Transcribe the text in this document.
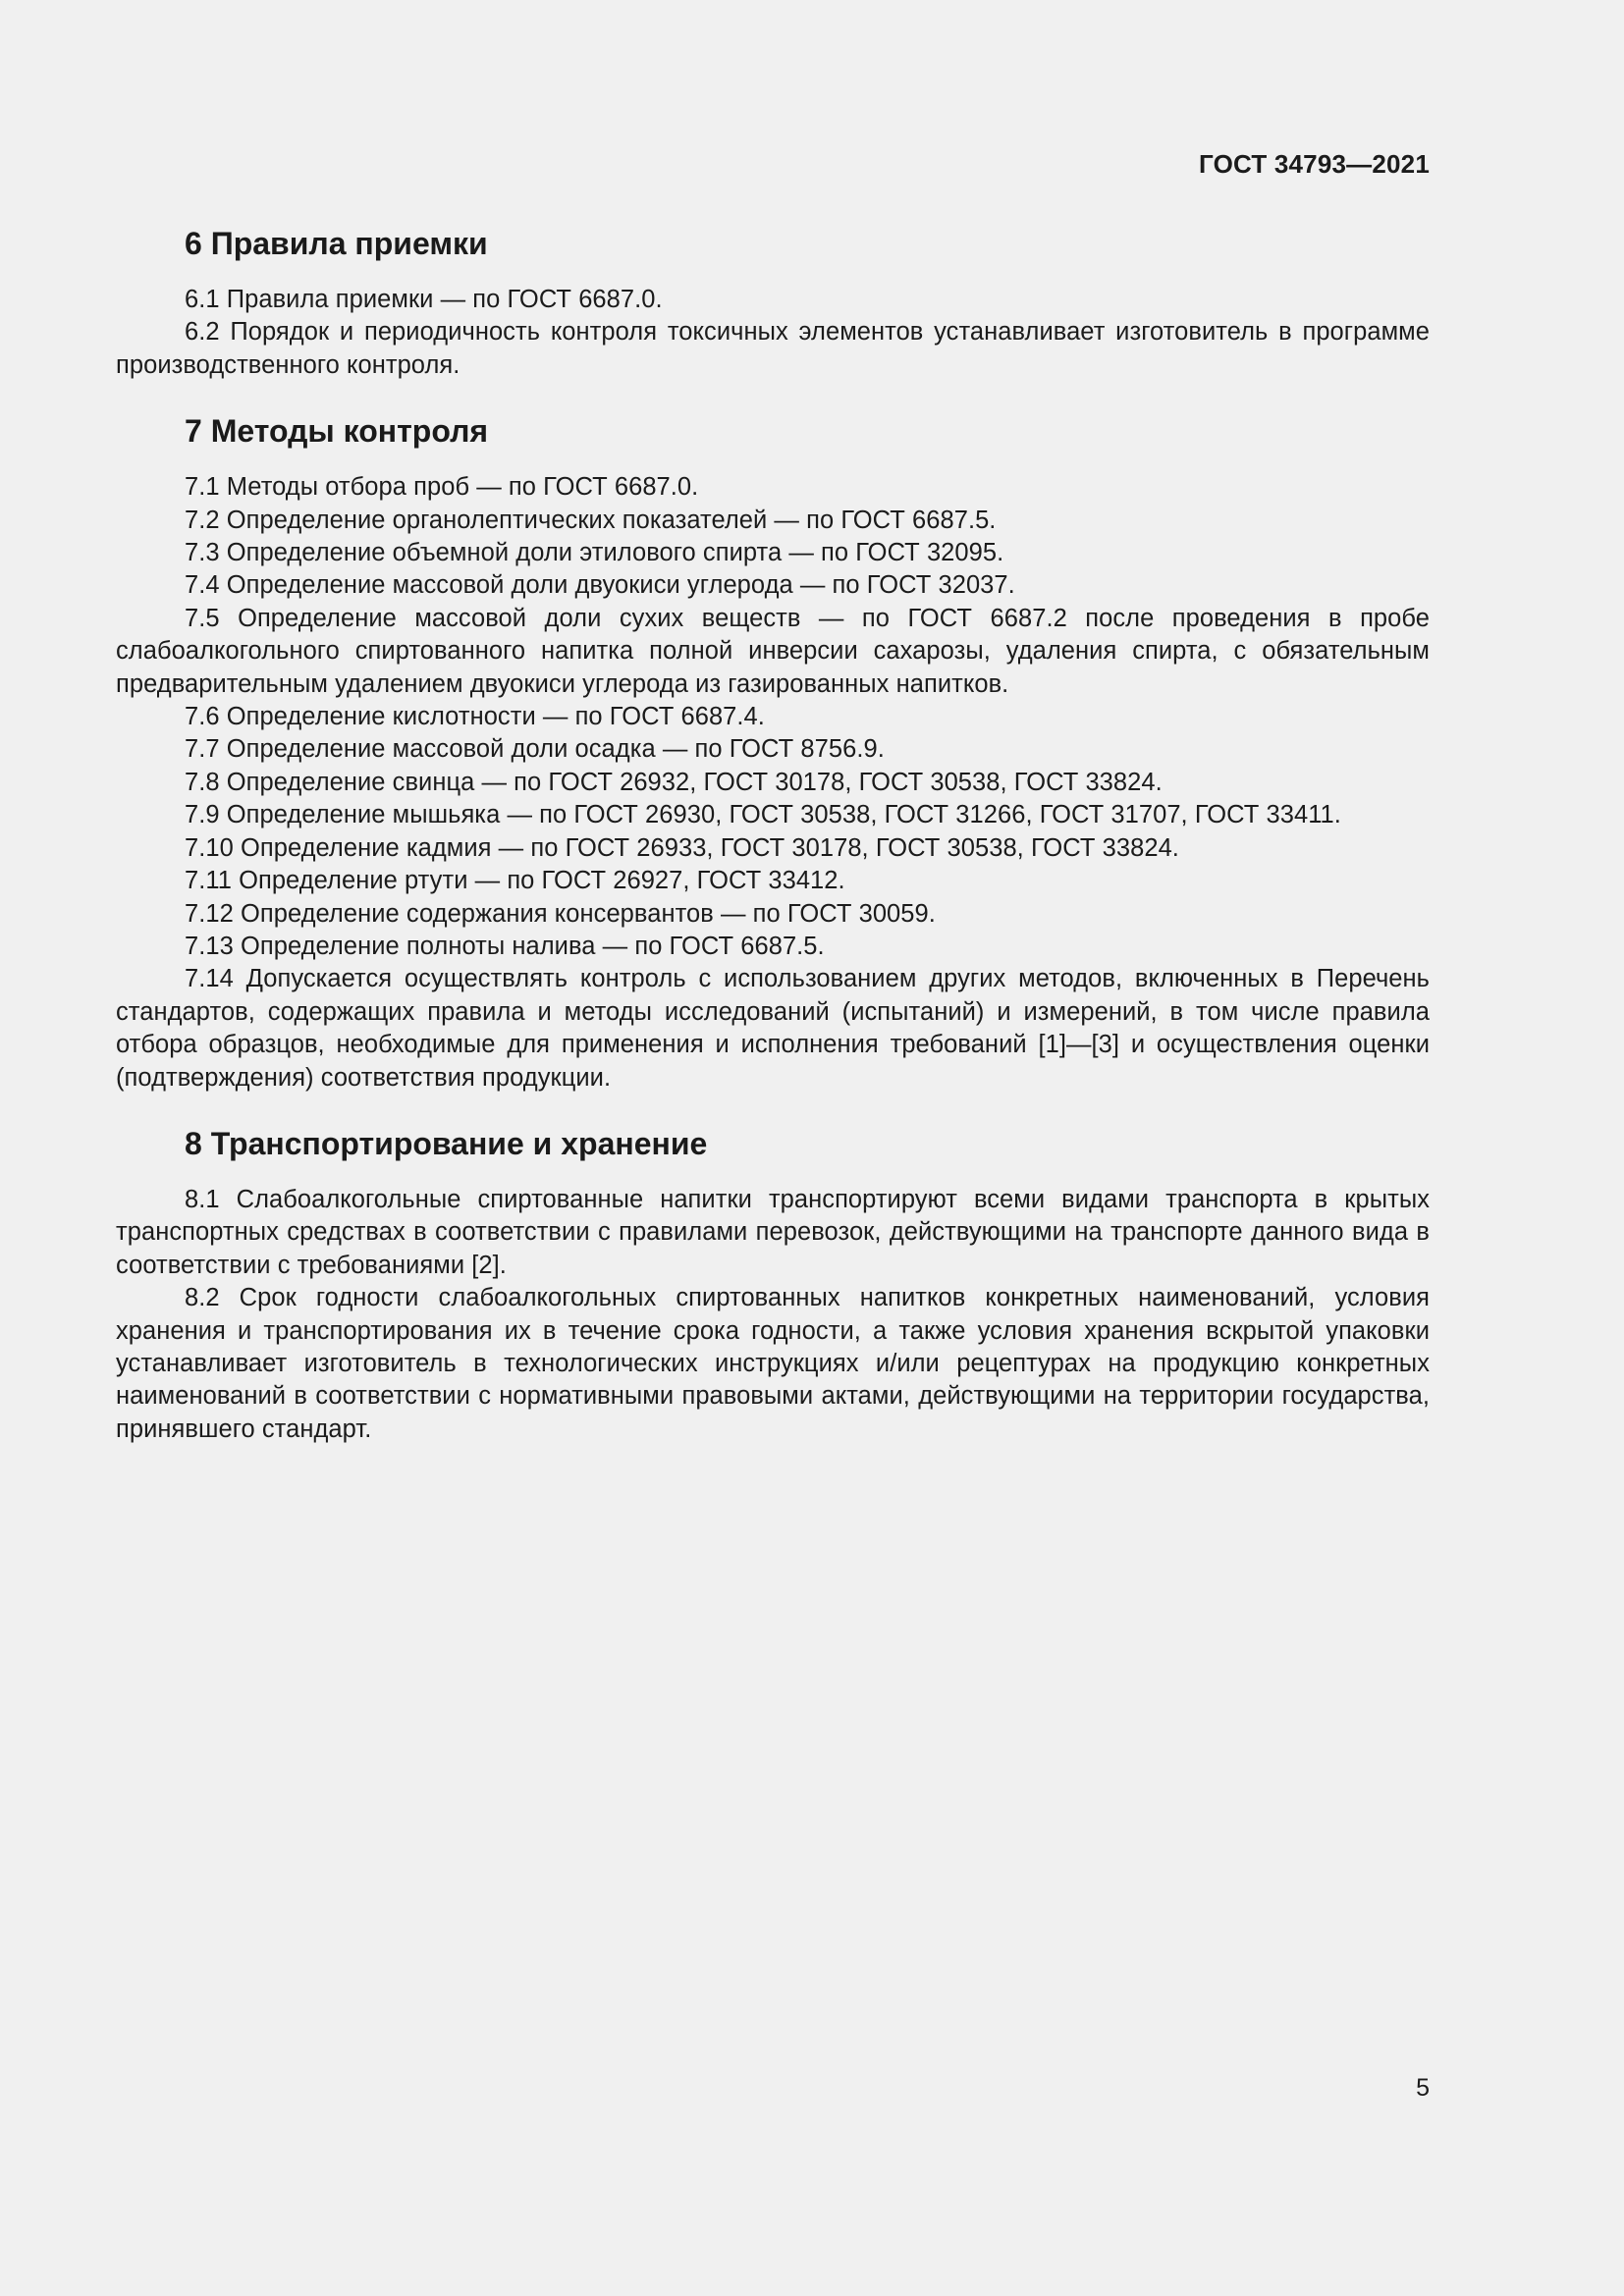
ГОСТ 34793—2021
6 Правила приемки

6.1 Правила приемки — по ГОСТ 6687.0.

6.2 Порядок и периодичность контроля токсичных элементов устанавливает изготовитель в программе производственного контроля.

7 Методы контроля

7.1 Методы отбора проб — по ГОСТ 6687.0.

7.2 Определение органолептических показателей — по ГОСТ 6687.5.

7.3 Определение объемной доли этилового спирта — по ГОСТ 32095.

7.4 Определение массовой доли двуокиси углерода — по ГОСТ 32037.

7.5 Определение массовой доли сухих веществ — по ГОСТ 6687.2 после проведения в пробе слабоалкогольного спиртованного напитка полной инверсии сахарозы, удаления спирта, с обязательным предварительным удалением двуокиси углерода из газированных напитков.

7.6 Определение кислотности — по ГОСТ 6687.4.

7.7 Определение массовой доли осадка — по ГОСТ 8756.9.

7.8 Определение свинца — по ГОСТ 26932, ГОСТ 30178, ГОСТ 30538, ГОСТ 33824.

7.9 Определение мышьяка — по ГОСТ 26930, ГОСТ 30538, ГОСТ 31266, ГОСТ 31707, ГОСТ 33411.

7.10 Определение кадмия — по ГОСТ 26933, ГОСТ 30178, ГОСТ 30538, ГОСТ 33824.

7.11 Определение ртути — по ГОСТ 26927, ГОСТ 33412.

7.12 Определение содержания консервантов — по ГОСТ 30059.

7.13 Определение полноты налива — по ГОСТ 6687.5.

7.14 Допускается осуществлять контроль с использованием других методов, включенных в Перечень стандартов, содержащих правила и методы исследований (испытаний) и измерений, в том числе правила отбора образцов, необходимые для применения и исполнения требований [1]—[3] и осуществления оценки (подтверждения) соответствия продукции.

8 Транспортирование и хранение

8.1 Слабоалкогольные спиртованные напитки транспортируют всеми видами транспорта в крытых транспортных средствах в соответствии с правилами перевозок, действующими на транспорте данного вида в соответствии с требованиями [2].

8.2 Срок годности слабоалкогольных спиртованных напитков конкретных наименований, условия хранения и транспортирования их в течение срока годности, а также условия хранения вскрытой упаковки устанавливает изготовитель в технологических инструкциях и/или рецептурах на продукцию конкретных наименований в соответствии с нормативными правовыми актами, действующими на территории государства, принявшего стандарт.

5
